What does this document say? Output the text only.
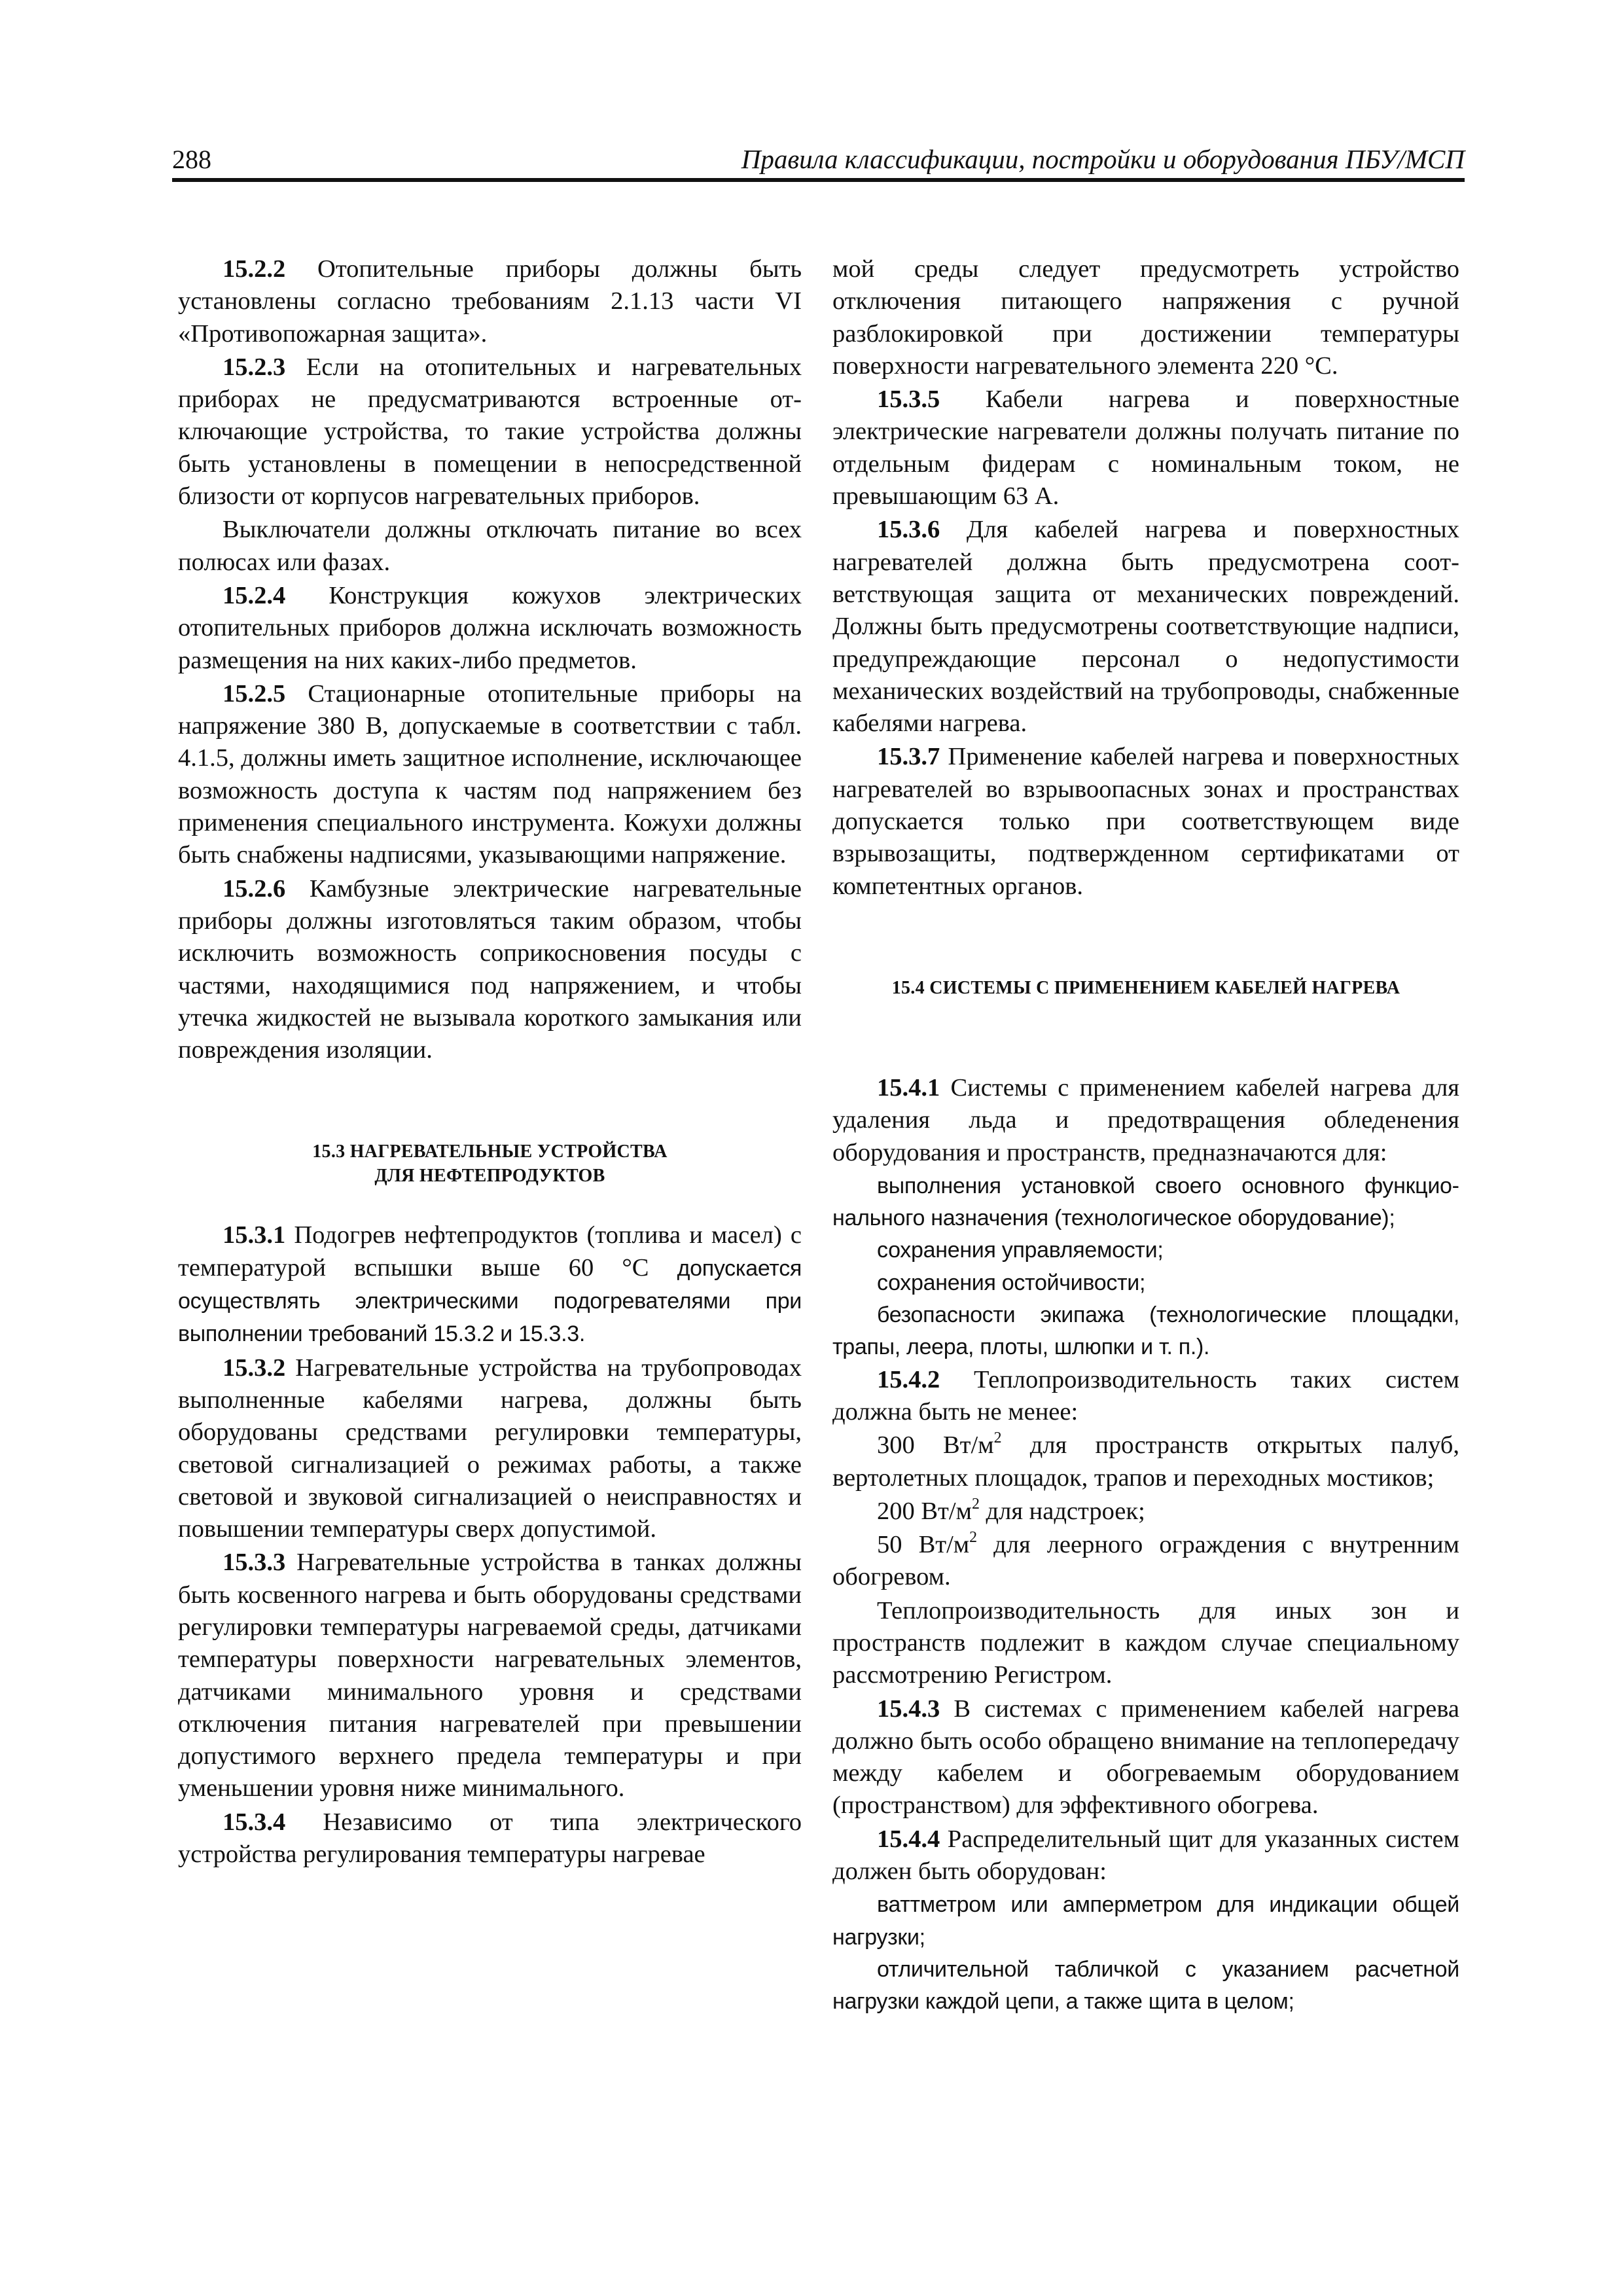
288	Правила классификации, постройки и оборудования ПБУ/МСП

15.2.2 Отопительные приборы должны быть установлены согласно требованиям 2.1.13 части VI «Противопожарная защита».

15.2.3 Если на отопительных и нагревательных приборах не предусматриваются встроенные отключающие устройства, то такие устройства должны быть установлены в помещении в непосредственной близости от корпусов нагревательных приборов.

Выключатели должны отключать питание во всех полюсах или фазах.

15.2.4 Конструкция кожухов электрических отопительных приборов должна исключать возможность размещения на них каких-либо предметов.

15.2.5 Стационарные отопительные приборы на напряжение 380 В, допускаемые в соответствии с табл. 4.1.5, должны иметь защитное исполнение, исключающее возможность доступа к частям под напряжением без применения специального инструмента. Кожухи должны быть снабжены надписями, указывающими напряжение.

15.2.6 Камбузные электрические нагревательные приборы должны изготовляться таким образом, чтобы исключить возможность соприкосновения посуды с частями, находящимися под напряжением, и чтобы утечка жидкостей не вызывала короткого замыкания или повреждения изоляции.

15.3 НАГРЕВАТЕЛЬНЫЕ УСТРОЙСТВА
ДЛЯ НЕФТЕПРОДУКТОВ

15.3.1 Подогрев нефтепродуктов (топлива и масел) с температурой вспышки выше 60 °С допускается осуществлять электрическими подогревателями при выполнении требований 15.3.2 и 15.3.3.

15.3.2 Нагревательные устройства на трубопроводах выполненные кабелями нагрева, должны быть оборудованы средствами регулировки температуры, световой сигнализацией о режимах работы, а также световой и звуковой сигнализацией о неисправностях и повышении температуры сверх допустимой.

15.3.3 Нагревательные устройства в танках должны быть косвенного нагрева и быть оборудованы средствами регулировки температуры нагреваемой среды, датчиками температуры поверхности нагревательных элементов, датчиками минимального уровня и средствами отключения питания нагревателей при превышении допустимого верхнего предела температуры и при уменьшении уровня ниже минимального.

15.3.4 Независимо от типа электрического устройства регулирования температуры нагревае

мой среды следует предусмотреть устройство отключения питающего напряжения с ручной разблокировкой при достижении температуры поверхности нагревательного элемента 220 °С.

15.3.5 Кабели нагрева и поверхностные электрические нагреватели должны получать питание по отдельным фидерам с номинальным током, не превышающим 63 А.

15.3.6 Для кабелей нагрева и поверхностных нагревателей должна быть предусмотрена соответствующая защита от механических повреждений. Должны быть предусмотрены соответствующие надписи, предупреждающие персонал о недопустимости механических воздействий на трубопроводы, снабженные кабелями нагрева.

15.3.7 Применение кабелей нагрева и поверхностных нагревателей во взрывоопасных зонах и пространствах допускается только при соответствующем виде взрывозащиты, подтвержденном сертификатами от компетентных органов.

15.4 СИСТЕМЫ С ПРИМЕНЕНИЕМ КАБЕЛЕЙ НАГРЕВА

15.4.1 Системы с применением кабелей нагрева для удаления льда и предотвращения обледенения оборудования и пространств, предназначаются для:

выполнения установкой своего основного функционального назначения (технологическое оборудование);

сохранения управляемости;

сохранения остойчивости;

безопасности экипажа (технологические площадки, трапы, леера, плоты, шлюпки и т. п.).

15.4.2 Теплопроизводительность таких систем должна быть не менее:

300 $Вт/м^2$ для пространств открытых палуб, вертолетных площадок, трапов и переходных мостиков;

200 $Вт/м^2$ для надстроек;

50 $Вт/м^2$ для леерного ограждения с внутренним обогревом.

Теплопроизводительность для иных зон и пространств подлежит в каждом случае специальному рассмотрению Регистром.

15.4.3 В системах с применением кабелей нагрева должно быть особо обращено внимание на теплопередачу между кабелем и обогреваемым оборудованием (пространством) для эффективного обогрева.

15.4.4 Распределительный щит для указанных систем должен быть оборудован:

ваттметром или амперметром для индикации общей нагрузки;

отличительной табличкой с указанием расчетной нагрузки каждой цепи, а также щита в целом;
